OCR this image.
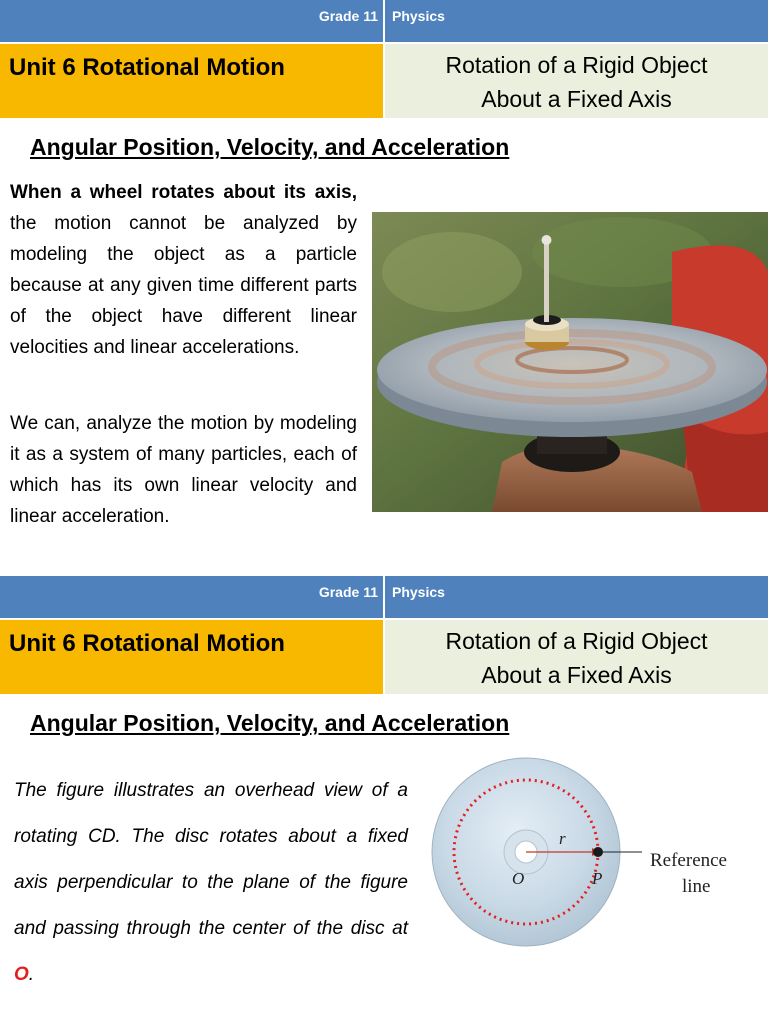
Grade 11 Physics
Unit 6 Rotational Motion	Rotation of a Rigid Object
About a Fixed Axis
Angular Position, Velocity, and Acceleration
When a wheel rotates about its axis, the motion cannot be analyzed by modeling the object as a particle because at any given time different parts of the object have different linear velocities and linear accelerations.
We can, analyze the motion by modeling it as a system of many particles, each of which has its own linear velocity and linear acceleration.
Grade 11 Physics
Unit 6 Rotational Motion	Rotation of a Rigid Object
About a Fixed Axis
Angular Position, Velocity, and Acceleration
The figure illustrates an overhead view of a rotating CD. The disc rotates about a fixed axis perpendicular to the plane of the figure and passing through the center of the disc at O.
r
O	P
Reference
line
